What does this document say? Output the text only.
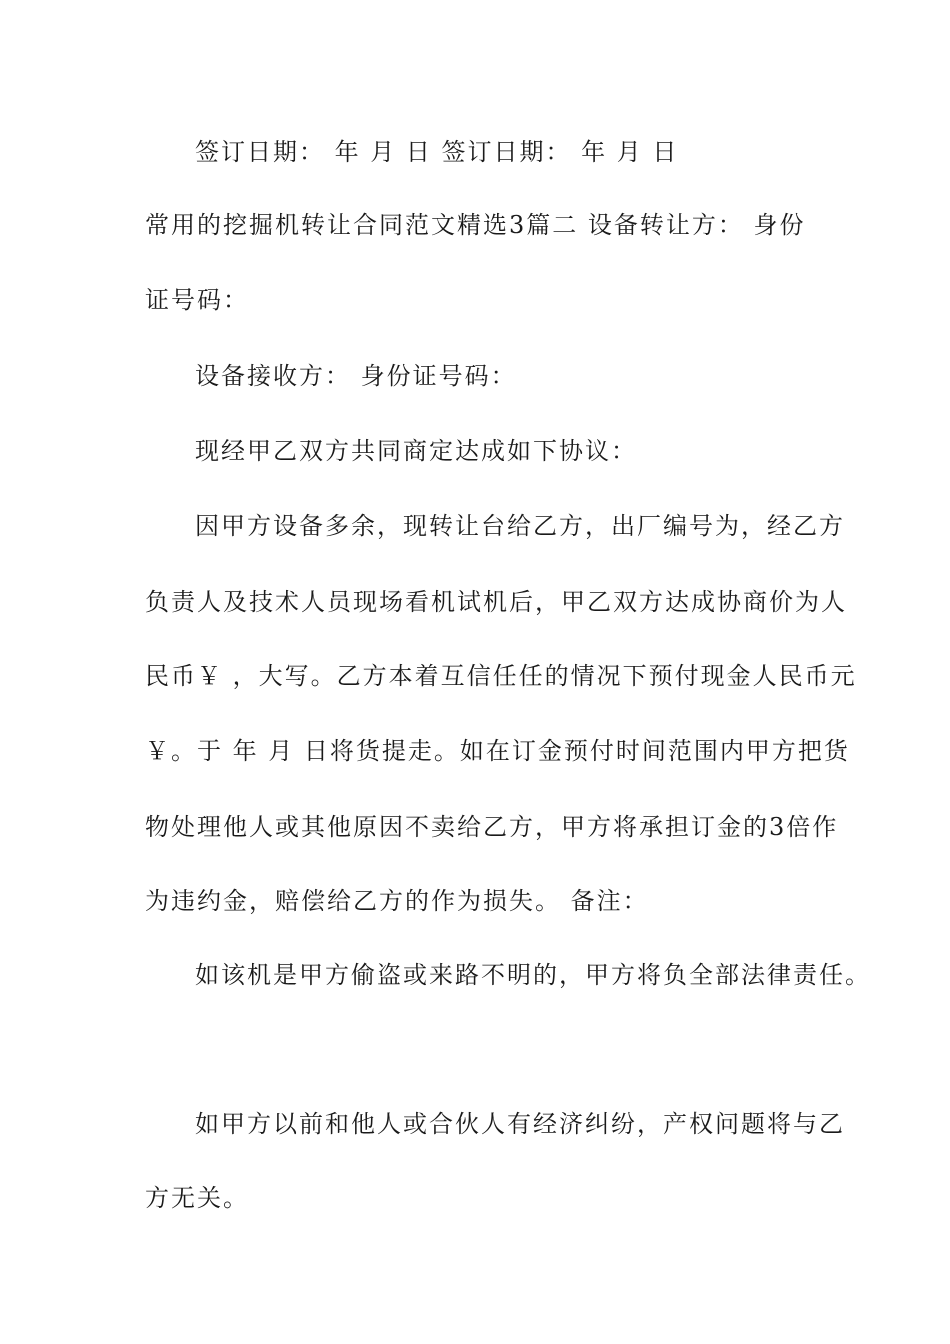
签订日期： 年 月 日 签订日期： 年 月 日
常用的挖掘机转让合同范文精选3篇二 设备转让方： 身份
证号码：
设备接收方： 身份证号码：
现经甲乙双方共同商定达成如下协议：
因甲方设备多余，现转让台给乙方，出厂编号为，经乙方
负责人及技术人员现场看机试机后，甲乙双方达成协商价为人
民币￥ ，大写。乙方本着互信任任的情况下预付现金人民币元
￥。于 年 月 日将货提走。如在订金预付时间范围内甲方把货
物处理他人或其他原因不卖给乙方，甲方将承担订金的3倍作
为违约金，赔偿给乙方的作为损失。 备注：
如该机是甲方偷盗或来路不明的，甲方将负全部法律责任。
如甲方以前和他人或合伙人有经济纠纷，产权问题将与乙
方无关。
